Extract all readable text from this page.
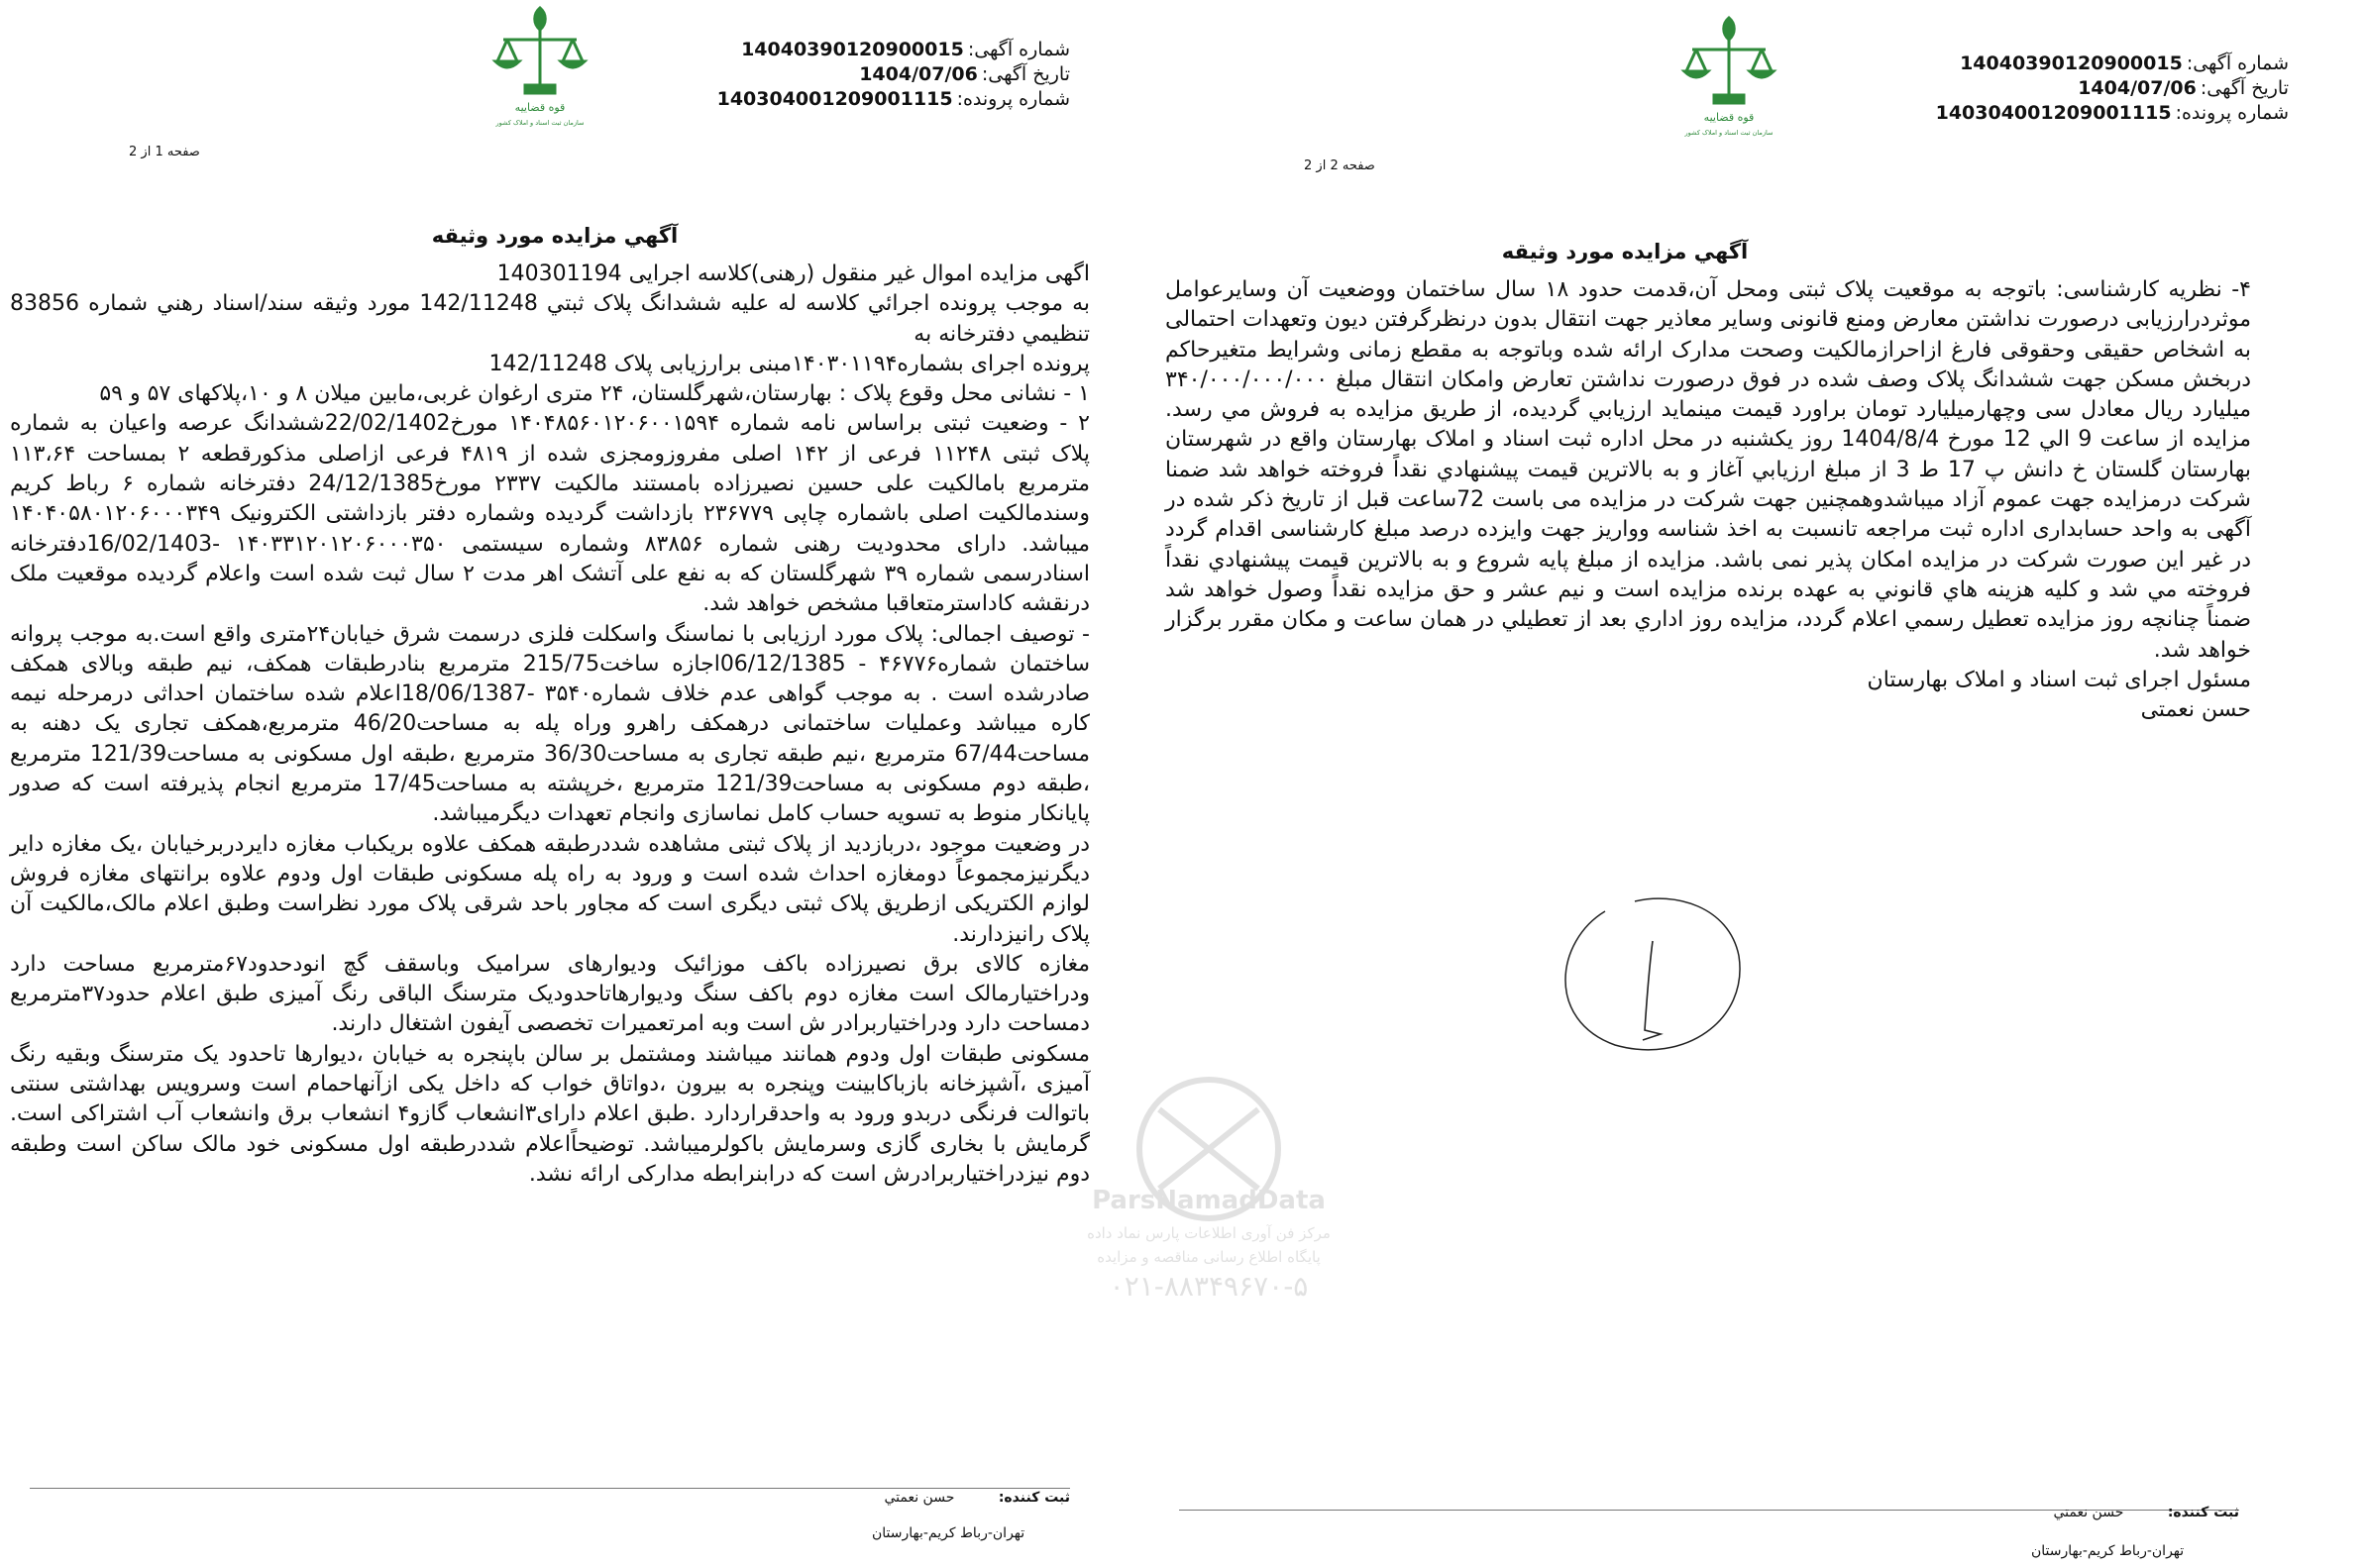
قوه قضاییه
سازمان ثبت اسناد و املاک کشور
شماره آگهی:14040390120900015
تاریخ آگهی:1404/07/06
شماره پرونده:140304001209001115
صفحه 1 از 2
آگهي مزايده مورد وثيقه

اگهی مزایده اموال غیر منقول (رهنی)کلاسه اجرایی 140301194

به موجب پرونده اجرائي کلاسه له علیه ششدانگ پلاک ثبتي 142/11248 مورد وثيقه سند/اسناد رهني شماره 83856 تنظيمي دفترخانه به

پرونده اجرای بشماره۱۴۰۳۰۱۱۹۴مبنی برارزیابی پلاک 142/11248

۱ - نشانی محل وقوع پلاک : بهارستان،شهرگلستان، ۲۴ متری ارغوان غربی،مابین میلان ۸ و ۱۰،پلاکهای ۵۷ و ۵۹

۲ - وضعیت ثبتی براساس نامه شماره ۱۴۰۴۸۵۶۰۱۲۰۶۰۰۱۵۹۴ مورخ22/02/1402ششدانگ عرصه واعیان به شماره پلاک ثبتی ۱۱۲۴۸ فرعی از ۱۴۲ اصلی مفروزومجزی شده از ۴۸۱۹ فرعی ازاصلی مذکورقطعه ۲ بمساحت ۱۱۳،۶۴ مترمربع بامالکیت علی حسین نصیرزاده بامستند مالکیت ۲۳۳۷ مورخ24/12/1385 دفترخانه شماره ۶ رباط کریم وسندمالکیت اصلی باشماره چاپی ۲۳۶۷۷۹ بازداشت گردیده وشماره دفتر بازداشتی الکترونیک ۱۴۰۴۰۵۸۰۱۲۰۶۰۰۰۳۴۹ میباشد. دارای محدودیت رهنی شماره ۸۳۸۵۶ وشماره سیستمی ۱۴۰۳۳۱۲۰۱۲۰۶۰۰۰۳۵۰ -16/02/1403دفترخانه اسنادرسمی شماره ۳۹ شهرگلستان که به نفع علی آتشک اهر مدت ۲ سال ثبت شده است واعلام گردیده موقعیت ملک درنقشه کاداسترمتعاقبا مشخص خواهد شد.

- توصیف اجمالی: پلاک مورد ارزیابی با نماسنگ واسکلت فلزی درسمت شرق خیابان۲۴متری واقع است.به موجب پروانه ساختمان شماره۴۶۷۷۶ - 06/12/1385اجازه ساخت215/75 مترمربع بنادرطبقات همکف، نیم طبقه وبالای همکف صادرشده است . به موجب گواهی عدم خلاف شماره۳۵۴۰ -18/06/1387اعلام شده ساختمان احداثی درمرحله نیمه کاره میباشد وعملیات ساختمانی درهمکف راهرو وراه پله به مساحت46/20 مترمربع،همکف تجاری یک دهنه به مساحت67/44 مترمربع ،نیم طبقه تجاری به مساحت36/30 مترمربع ،طبقه اول مسکونی به مساحت121/39 مترمربع ،طبقه دوم مسکونی به مساحت121/39 مترمربع ،خرپشته به مساحت17/45 مترمربع انجام پذیرفته است که صدور پایانکار منوط به تسویه حساب کامل نماسازی وانجام تعهدات دیگرمیباشد.

در وضعیت موجود ،دربازدید از پلاک ثبتی مشاهده شددرطبقه همکف علاوه بریکباب مغازه دایردربرخیابان ،یک مغازه دایر دیگرنیزمجموعاً دومغازه احداث شده است و ورود به راه پله مسکونی طبقات اول ودوم علاوه برانتهای مغازه فروش لوازم الکتریکی ازطریق پلاک ثبتی دیگری است که مجاور باحد شرقی پلاک مورد نظراست وطبق اعلام مالک،مالکیت آن پلاک رانیزدارند.

مغازه کالای برق نصیرزاده باکف موزائیک ودیوارهای سرامیک وباسقف گچ انودحدود۶۷مترمربع مساحت دارد ودراختیارمالک است مغازه دوم باکف سنگ ودیوارهاتاحدودیک مترسنگ الباقی رنگ آمیزی طبق اعلام حدود۳۷مترمربع دمساحت دارد ودراختیاربرادر ش است وبه امرتعمیرات تخصصی آیفون اشتغال دارند.

مسکونی طبقات اول ودوم همانند میباشند ومشتمل بر سالن باپنجره به خیابان ،دیوارها تاحدود یک مترسنگ وبقیه رنگ آمیزی ،آشپزخانه بازباکابینت وپنجره به بیرون ،دواتاق خواب که داخل یکی ازآنهاحمام است وسرویس بهداشتی سنتی باتوالت فرنگی دربدو ورود به واحدقراردارد .طبق اعلام دارای۳انشعاب گازو۴ انشعاب برق وانشعاب آب اشتراکی است. گرمایش با بخاری گازی وسرمایش باکولرمیباشد. توضیحاًاعلام شددرطبقه اول مسکونی خود مالک ساکن است وطبقه دوم نیزدراختیاربرادرش است که درابنرابطه مدارکی ارائه نشد.

ثبت کننده: حسن نعمتي
تهران-رباط کريم-بهارستان
قوه قضاییه
سازمان ثبت اسناد و املاک کشور
شماره آگهی:14040390120900015
تاریخ آگهی:1404/07/06
شماره پرونده:140304001209001115
صفحه 2 از 2
آگهي مزايده مورد وثيقه

۴- نظریه کارشناسی: باتوجه به موقعیت پلاک ثبتی ومحل آن،قدمت حدود ۱۸ سال ساختمان ووضعیت آن وسایرعوامل موثردرارزیابی درصورت نداشتن معارض ومنع قانونی وسایر معاذیر جهت انتقال بدون درنظرگرفتن دیون وتعهدات احتمالی به اشخاص حقیقی وحقوقی فارغ ازاحرازمالکیت وصحت مدارک ارائه شده وباتوجه به مقطع زمانی وشرایط متغیرحاکم دربخش مسکن جهت ششدانگ پلاک وصف شده در فوق درصورت نداشتن تعارض وامکان انتقال مبلغ ۳۴۰/۰۰۰/۰۰۰/۰۰۰ میلیارد ریال معادل سی وچهارمیلیارد تومان براورد قیمت مینماید ارزيابي گرديده، از طريق مزايده به فروش مي رسد. مزايده از ساعت 9 الي 12 مورخ 1404/8/4 روز يکشنبه در محل اداره ثبت اسناد و املاک بهارستان واقع در شهرستان بهارستان گلستان خ دانش پ 17 ط 3 از مبلغ ارزيابي آغاز و به بالاترين قيمت پيشنهادي نقداً فروخته خواهد شد ضمنا شرکت درمزایده جهت عموم آزاد میباشدوهمچنین جهت شرکت در مزایده می باست 72ساعت قبل از تاریخ ذکر شده در آگهی به واحد حسابداری اداره ثبت مراجعه تانسبت به اخذ شناسه وواریز جهت وایزده درصد مبلغ کارشناسی اقدام گردد در غیر این صورت شرکت در مزایده امکان پذیر نمی باشد. مزايده از مبلغ پايه شروع و به بالاترين قيمت پيشنهادي نقداً فروخته مي شد و کليه هزينه هاي قانوني به عهده برنده مزايده است و نيم عشر و حق مزايده نقداً وصول خواهد شد ضمناً چنانچه روز مزايده تعطيل رسمي اعلام گردد، مزايده روز اداري بعد از تعطيلي در همان ساعت و مکان مقرر برگزار خواهد شد.

مسئول اجرای ثبت اسناد و املاک بهارستان

حسن نعمتی

ثبت کننده: حسن نعمتي
تهران-رباط کريم-بهارستان
ParsNamadData
مرکز فن آوری اطلاعات پارس نماد داده
پایگاه اطلاع رسانی مناقصه و مزایده
۰۲۱-۸۸۳۴۹۶۷۰-۵
